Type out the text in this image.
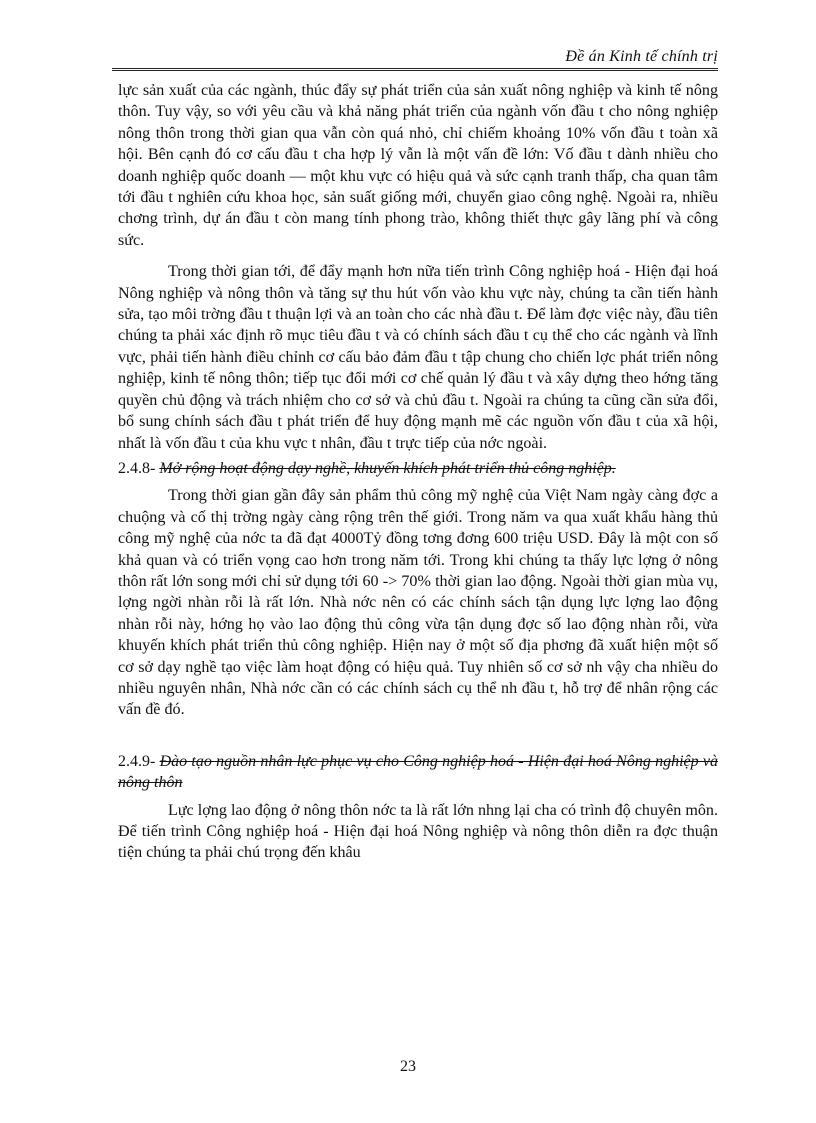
Đề án Kinh tế chính trị

lực sản xuất của các ngành, thúc đẩy sự phát triển của sản xuất nông nghiệp và kinh tế nông thôn. Tuy vậy, so với yêu cầu và khả năng phát triển của ngành vốn đầu t cho nông nghiệp nông thôn trong thời gian qua vẫn còn quá nhỏ, chỉ chiếm khoảng 10% vốn đầu t toàn xã hội. Bên cạnh đó cơ cấu đầu t cha hợp lý vẫn là một vấn đề lớn: Vố đầu t dành nhiều cho doanh nghiệp quốc doanh — một khu vực có hiệu quả và sức cạnh tranh thấp, cha quan tâm tới đầu t nghiên cứu khoa học, sản suất giống mới, chuyển giao công nghệ. Ngoài ra, nhiều chơng trình, dự án đầu t còn mang tính phong trào, không thiết thực gây lãng phí và công sức.

Trong thời gian tới, để đẩy mạnh hơn nữa tiến trình Công nghiệp hoá - Hiện đại hoá Nông nghiệp và nông thôn và tăng sự thu hút vốn vào khu vực này, chúng ta cần tiến hành sửa, tạo môi trờng đầu t thuận lợi và an toàn cho các nhà đầu t. Để làm đợc việc này, đầu tiên chúng ta phải xác định rõ mục tiêu đầu t và có chính sách đầu t cụ thể cho các ngành và lĩnh vực, phải tiến hành điều chỉnh cơ cấu bảo đảm đầu t tập chung cho chiến lợc phát triển nông nghiệp, kinh tế nông thôn; tiếp tục đổi mới cơ chế quản lý đầu t và xây dựng theo hớng tăng quyền chủ động và trách nhiệm cho cơ sở và chủ đầu t. Ngoài ra chúng ta cũng cần sửa đổi, bổ sung chính sách đầu t phát triển để huy động mạnh mẽ các nguồn vốn đầu t của xã hội, nhất là vốn đầu t của khu vực t nhân, đầu t trực tiếp của nớc ngoài.

2.4.8- Mở rộng hoạt động dạy nghề, khuyến khích phát triển thủ công nghiệp.

Trong thời gian gần đây sản phẩm thủ công mỹ nghệ của Việt Nam ngày càng đợc a chuộng và cố thị trờng ngày càng rộng trên thế giới. Trong năm va qua xuất khẩu hàng thủ công mỹ nghệ của nớc ta đã đạt 4000Tỷ đồng tơng đơng 600 triệu USD. Đây là một con số khả quan và có triển vọng cao hơn trong năm tới. Trong khi chúng ta thấy lực lợng ở nông thôn rất lớn song mới chỉ sử dụng tới 60 -> 70% thời gian lao động. Ngoài thời gian mùa vụ, lợng ngời nhàn rỗi là rất lớn. Nhà nớc nên có các chính sách tận dụng lực lợng lao động nhàn rỗi này, hớng họ vào lao động thủ công vừa tận dụng đợc số lao động nhàn rỗi, vừa khuyến khích phát triển thủ công nghiệp. Hiện nay ở một số địa phơng đã xuất hiện một số cơ sở dạy nghề tạo việc làm hoạt động có hiệu quả. Tuy nhiên số cơ sở nh vậy cha nhiều do nhiều nguyên nhân, Nhà nớc cần có các chính sách cụ thể nh đầu t, hỗ trợ để nhân rộng các vấn đề đó.

2.4.9- Đào tạo nguồn nhân lực phục vụ cho Công nghiệp hoá - Hiện đại hoá Nông nghiệp và nông thôn

Lực lợng lao động ở nông thôn nớc ta là rất lớn nhng lại cha có trình độ chuyên môn. Để tiến trình Công nghiệp hoá - Hiện đại hoá Nông nghiệp và nông thôn diễn ra đợc thuận tiện chúng ta phải chú trọng đến khâu

23
